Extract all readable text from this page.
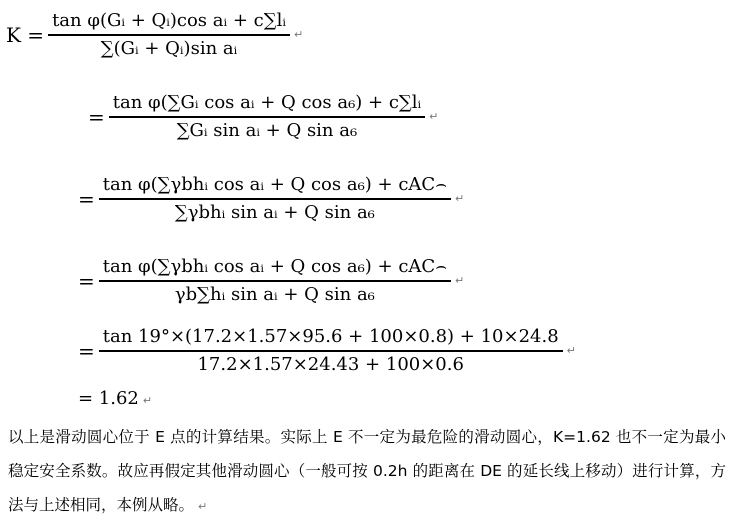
$K = \frac{\text{tan φ(Gᵢ + Qᵢ)cos aᵢ + c∑lᵢ}}{\text{∑(Gᵢ + Qᵢ)sin aᵢ}}$ ↵
= $\frac{\text{tan φ(∑Gᵢ cos aᵢ + Q cos a₆) + c∑lᵢ}}{\text{∑Gᵢ sin aᵢ + Q sin a₆}}$ ↵
= $\frac{\text{tan φ(∑γbhᵢ cos aᵢ + Q cos a₆) + cAC⌢}}{\text{∑γbhᵢ sin aᵢ + Q sin a₆}}$ ↵
= $\frac{\text{tan φ(∑γbhᵢ cos aᵢ + Q cos a₆) + cAC⌢}}{\text{γb∑hᵢ sin aᵢ + Q sin a₆}}$ ↵
= $\frac{\tan 19^\circ\times(17.2\times 1.57\times 95.6 + 100\times 0.8) + 10\times 24.8}{17.2\times 1.57\times 24.43 + 100\times 0.6}$ ↵
= 1.62 ↵
以上是滑动圆心位于 E 点的计算结果。实际上 E 不一定为最危险的滑动圆心，K=1.62 也不一定为最小稳定安全系数。故应再假定其他滑动圆心（一般可按 0.2h 的距离在 DE 的延长线上移动）进行计算，方法与上述相同，本例从略。 ↵
